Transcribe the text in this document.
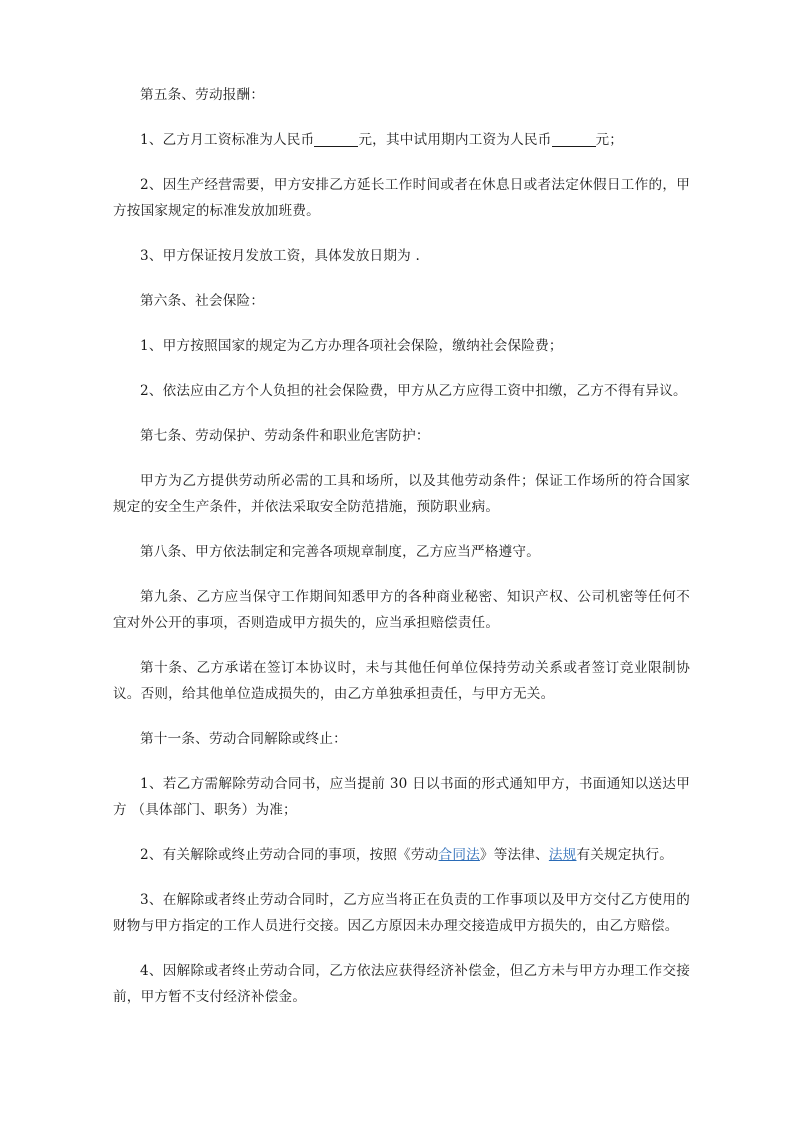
第五条、劳动报酬：

1、乙方月工资标准为人民币	元，其中试用期内工资为人民币	元；

2、因生产经营需要，甲方安排乙方延长工作时间或者在休息日或者法定休假日工作的，甲方按国家规定的标准发放加班费。

3、甲方保证按月发放工资，具体发放日期为 .

第六条、社会保险：

1、甲方按照国家的规定为乙方办理各项社会保险，缴纳社会保险费；

2、依法应由乙方个人负担的社会保险费，甲方从乙方应得工资中扣缴，乙方不得有异议。

第七条、劳动保护、劳动条件和职业危害防护：

甲方为乙方提供劳动所必需的工具和场所，以及其他劳动条件；保证工作场所的符合国家规定的安全生产条件，并依法采取安全防范措施，预防职业病。

第八条、甲方依法制定和完善各项规章制度，乙方应当严格遵守。

第九条、乙方应当保守工作期间知悉甲方的各种商业秘密、知识产权、公司机密等任何不宜对外公开的事项，否则造成甲方损失的，应当承担赔偿责任。

第十条、乙方承诺在签订本协议时，未与其他任何单位保持劳动关系或者签订竞业限制协议。否则，给其他单位造成损失的，由乙方单独承担责任，与甲方无关。

第十一条、劳动合同解除或终止：

1、若乙方需解除劳动合同书，应当提前 30 日以书面的形式通知甲方，书面通知以送达甲方 （具体部门、职务）为准；

2、有关解除或终止劳动合同的事项，按照《劳动合同法》等法律、法规有关规定执行。

3、在解除或者终止劳动合同时，乙方应当将正在负责的工作事项以及甲方交付乙方使用的财物与甲方指定的工作人员进行交接。因乙方原因未办理交接造成甲方损失的，由乙方赔偿。

4、因解除或者终止劳动合同，乙方依法应获得经济补偿金，但乙方未与甲方办理工作交接前，甲方暂不支付经济补偿金。
